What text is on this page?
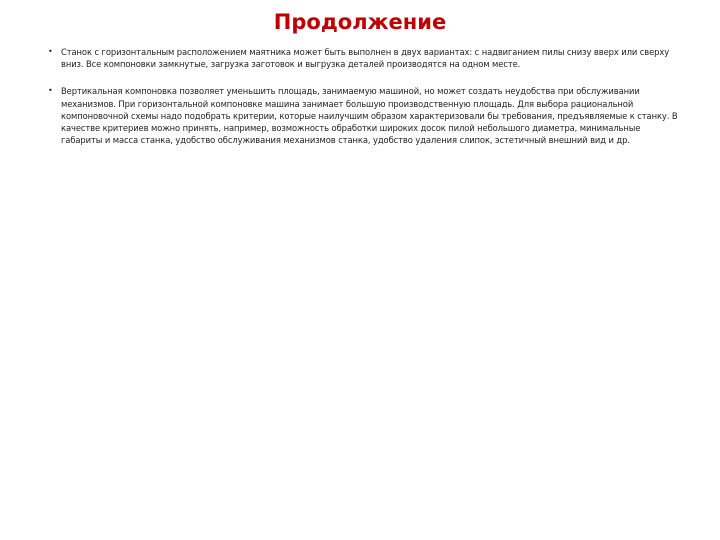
Продолжение
• Станок с горизонтальным расположением маятника может быть выполнен в двух вариантах: с надвиганием пилы снизу вверх или сверху вниз. Все компоновки замкнутые, загрузка заготовок и выгрузка деталей производятся на одном месте.
• Вертикальная компоновка позволяет уменьшить площадь, занимаемую машиной, но может создать неудобства при обслуживании механизмов. При горизонтальной компоновке машина занимает большую производственную площадь. Для выбора рациональной компоновочной схемы надо подобрать критерии, которые наилучшим образом характеризовали бы требования, предъявляемые к станку. В качестве критериев можно принять, например, возможность обработки широких досок пилой небольшого диаметра, минимальные габариты и масса станка, удобство обслуживания механизмов станка, удобство удаления слипок, эстетичный внешний вид и др.
